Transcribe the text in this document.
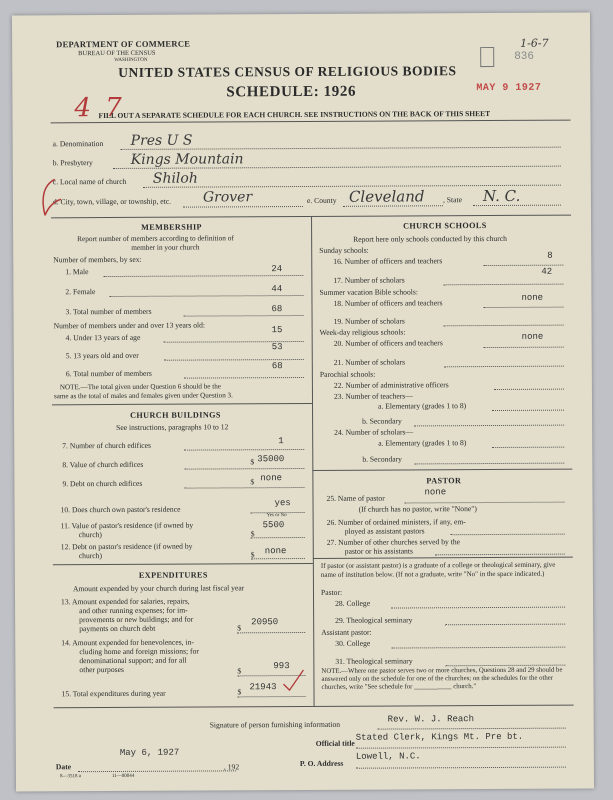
DEPARTMENT OF COMMERCE
BUREAU OF THE CENSUS
WASHINGTON
UNITED STATES CENSUS OF RELIGIOUS BODIES
SCHEDULE: 1926
4 7
MAY 9 1927
1-6-7
836
FILL OUT A SEPARATE SCHEDULE FOR EACH CHURCH. SEE INSTRUCTIONS ON THE BACK OF THIS SHEET
a. Denomination Pres U S
b. Presbytery	Kings Mountain
c. Local name of church Shiloh
d. City, town, village, or township, etc. Grover	e. County Cleveland , State N. C.
MEMBERSHIP
Report number of members according to definition of
member in your church
Number of members, by sex:
1. Male	24
2. Female	44
3. Total number of members	68
Number of members under and over 13 years old:
4. Under 13 years of age
15
5. 13 years old and over
53
6. Total number of members
68
NOTE.—The total given under Question 6 should be the
same as the total of males and females given under Question 3.
CHURCH BUILDINGS
See instructions, paragraphs 10 to 12
7. Number of church edifices	1
8. Value of church edifices	$ 35000
9. Debt on church edifices	$ none
10. Does church own pastor's residence
yes
Yes or No
11. Value of pastor's residence (if owned by
church)	$
5500
12. Debt on pastor's residence (if owned by
church)	$ none
EXPENDITURES
Amount expended by your church during last fiscal year
13. Amount expended for salaries, repairs,
and other running expenses; for im-
provements or new buildings; and for
payments on church debt	$
20950
14. Amount expended for benevolences, in-
cluding home and foreign missions; for
denominational support; and for all
other purposes	$	993
15. Total expenditures during year	$ 21943
CHURCH SCHOOLS
Report here only schools conducted by this church
Sunday schools:
16. Number of officers and teachers
8
17. Number of scholars
42
Summer vacation Bible schools:
18. Number of officers and teachers
none
19. Number of scholars
Week-day religious schools:
20. Number of officers and teachers
none
21. Number of scholars
Parochial schools:
22. Number of administrative officers
23. Number of teachers—
a. Elementary (grades 1 to 8)
b. Secondary
24. Number of scholars—
a. Elementary (grades 1 to 8)
b. Secondary
PASTOR
25. Name of pastor
none
(If church has no pastor, write "None")
26. Number of ordained ministers, if any, em-
ployed as assistant pastors
27. Number of other churches served by the
pastor or his assistants
If pastor (or assistant pastor) is a graduate of a college or theological seminary, give name of institution below. (If not a graduate, write "No" in the space indicated.)
Pastor:
28. College
29. Theological seminary
Assistant pastor:
30. College
31. Theological seminary
NOTE.—Where one pastor serves two or more churches, Questions 28 and 29 should be answered only on the schedule for one of the churches; on the schedules for the other churches, write "See schedule for ___________ church."
Signature of person furnishing information
Rev. W. J. Reach
Official title
Stated Clerk, Kings Mt. Pre bt.
Date
May 6, 1927
, 192	P. O. Address
Lowell, N.C.
8—3518 a	11—00044
